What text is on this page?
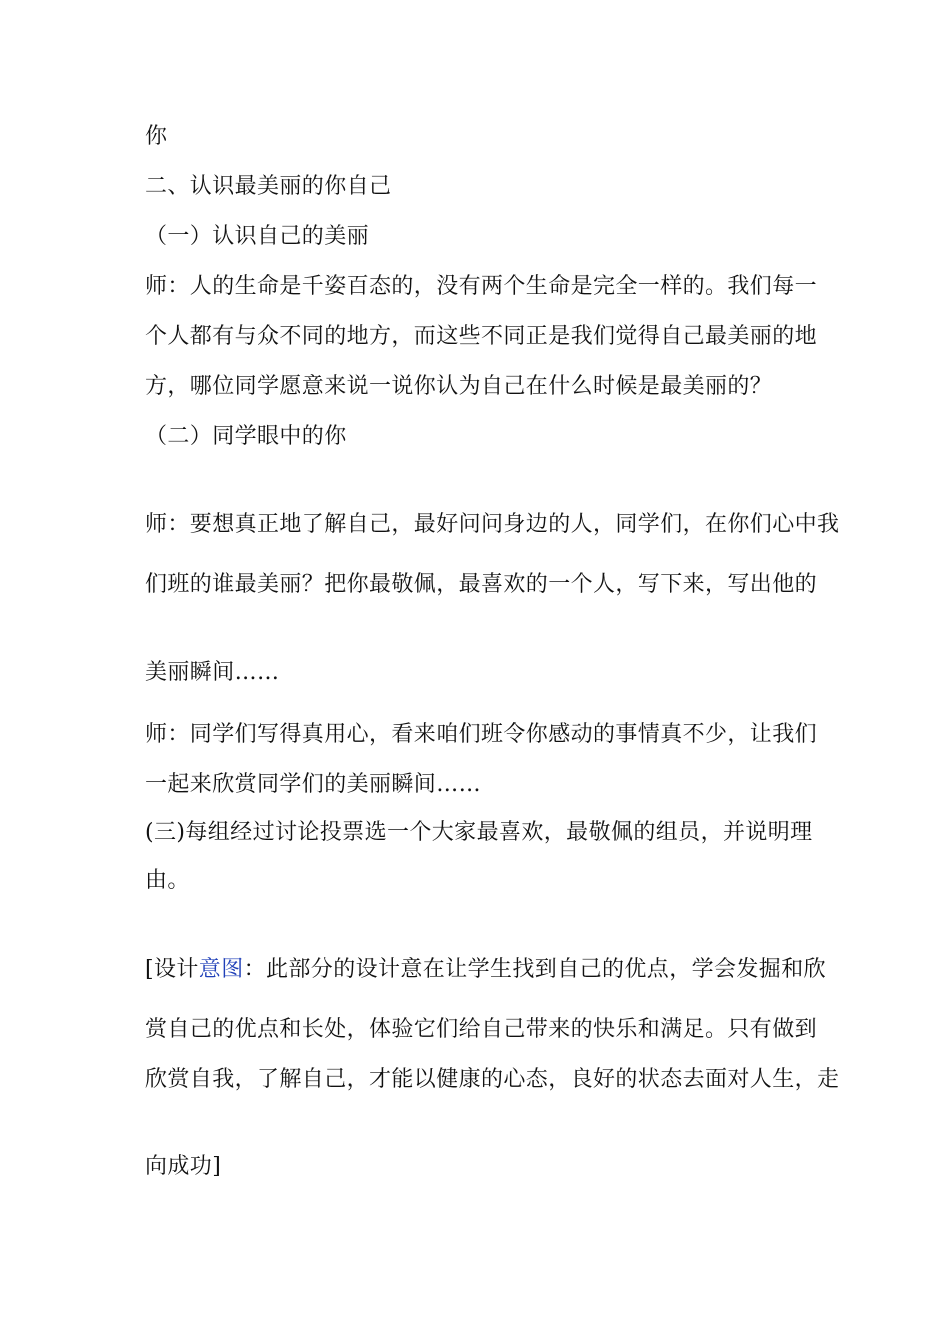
你
二、认识最美丽的你自己
（一）认识自己的美丽
师：人的生命是千姿百态的，没有两个生命是完全一样的。我们每一
个人都有与众不同的地方，而这些不同正是我们觉得自己最美丽的地
方，哪位同学愿意来说一说你认为自己在什么时候是最美丽的？
（二）同学眼中的你
师：要想真正地了解自己，最好问问身边的人，同学们，在你们心中我
们班的谁最美丽？把你最敬佩，最喜欢的一个人，写下来，写出他的
美丽瞬间……
师：同学们写得真用心，看来咱们班令你感动的事情真不少，让我们
一起来欣赏同学们的美丽瞬间……
(三)每组经过讨论投票选一个大家最喜欢，最敬佩的组员，并说明理
由。
[设计意图：此部分的设计意在让学生找到自己的优点，学会发掘和欣
赏自己的优点和长处，体验它们给自己带来的快乐和满足。只有做到
欣赏自我，了解自己，才能以健康的心态，良好的状态去面对人生，走
向成功]
